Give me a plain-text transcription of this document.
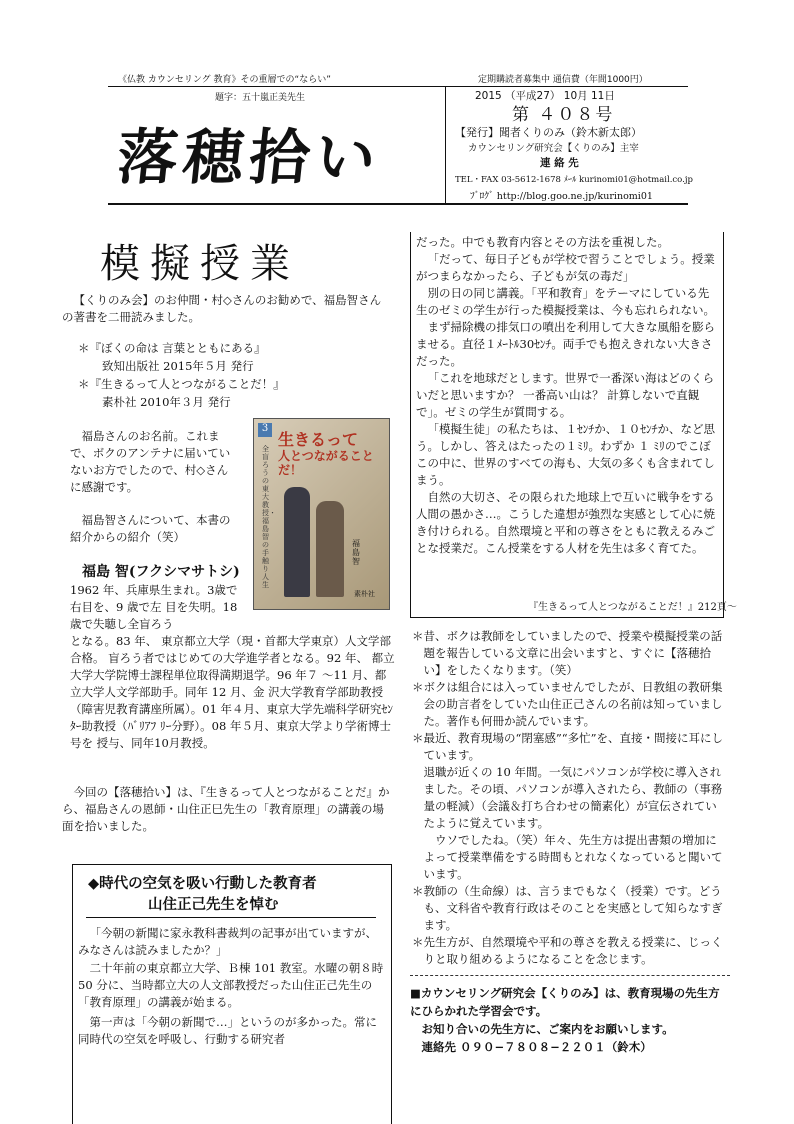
《仏教 カウンセリング 教育》その重層での“ならい”	定期購読者募集中 通信費（年間1000円）
題字：五十嵐正美先生
落穂拾い
2015 （平成27） 10月 11日
第 ４０８号
【発行】聞者くりのみ（鈴木新太郎）
カウンセリング研究会【くりのみ】主宰
連 絡 先
TEL・FAX 03-5612-1678 ﾒｰﾙ kurinomi01@hotmail.co.jp
ﾌﾞﾛｸﾞ http://blog.goo.ne.jp/kurinomi01
模擬授業

【くりのみ会】のお仲間・村◇さんのお勧めで、福島智さんの著書を二冊読みました。

＊『ぼくの命は 言葉とともにある』
致知出版社 2015年５月 発行
＊『生きるって人とつながることだ！』
素朴社 2010年３月 発行

福島さんのお名前。これまで、ボクのアンテナに届いていないお方でしたので、村◇さんに感謝です。

福島智さんについて、本書の紹介からの紹介（笑）

福島 智(フクシマサトシ)

1962 年、兵庫県生まれ。3歳で右目を、9 歳で左 目を失明。18 歳で失聴し全盲ろう

となる。83 年、 東京都立大学（現・首都大学東京）人文学部合格。 盲ろう者ではじめての大学進学者となる。92 年、 都立大学大学院博士課程単位取得満期退学。96 年７ ～11 月、都立大学人文学部助手。同年 12 月、金 沢大学教育学部助教授（障害児教育講座所属）。01 年４月、東京大学先端科学研究ｾﾝﾀｰ助教授（ﾊﾞﾘｱﾌ ﾘｰ分野）。08 年５月、東京大学より学術博士号を 授与、同年10月教授。

3
全盲ろうの東大教授・福島智の手触り人生
生きるって
人とつながることだ！
福島 智
素朴社

今回の【落穂拾い】は、『生きるって人とつながることだ』から、福島さんの恩師・山住正巳先生の「教育原理」の講義の場面を拾いました。

◆時代の空気を吸い行動した教育者
山住正己先生を悼む

「今朝の新聞に家永教科書裁判の記事が出ていますが、みなさんは読みましたか？」

二十年前の東京都立大学、Ｂ棟 101 教室。水曜の朝８時 50 分に、当時都立大の人文部教授だった山住正己先生の「教育原理」の講義が始まる。

第一声は「今朝の新聞で…」というのが多かった。常に同時代の空気を呼吸し、行動する研究者

だった。中でも教育内容とその方法を重視した。

「だって、毎日子どもが学校で習うことでしょう。授業がつまらなかったら、子どもが気の毒だ」

別の日の同じ講義。「平和教育」をテーマにしている先生のゼミの学生が行った模擬授業は、今も忘れられない。

まず掃除機の排気口の噴出を利用して大きな風船を膨らませる。直径１ﾒｰﾄﾙ30ｾﾝﾁ。両手でも抱えきれない大きさだった。

「これを地球だとします。世界で一番深い海はどのくらいだと思いますか？ 一番高い山は？ 計算しないで直観で」。ゼミの学生が質問する。

「模擬生徒」の私たちは、１ｾﾝﾁか、１０ｾﾝﾁか、など思う。しかし、答えはたったの１ﾐﾘ。わずか １ ﾐﾘのでこぼこの中に、世界のすべての海も、大気の多くも含まれてしまう。

自然の大切さ、その限られた地球上で互いに戦争をする人間の愚かさ…。こうした違想が強烈な実感として心に焼き付けられる。自然環境と平和の尊さをともに教えるみごとな授業だ。こん授業をする人材を先生は多く育てた。

『生きるって人とつながることだ！』212頁～

＊昔、ボクは教師をしていましたので、授業や模擬授業の話題を報告している文章に出会いますと、すぐに【落穂拾い】をしたくなります。（笑）

＊ボクは組合には入っていませんでしたが、日教組の教研集会の助言者をしていた山住正己さんの名前は知っていました。著作も何冊か読んでいます。

＊最近、教育現場の“閉塞感”“多忙”を、直接・間接に耳にしています。

退職が近くの 10 年間。一気にパソコンが学校に導入されました。その頃、パソコンが導入されたら、教師の（事務量の軽減）（会議＆打ち合わせの簡素化）が宣伝されていたように覚えています。

ウソでしたね。（笑）年々、先生方は提出書類の増加によって授業準備をする時間もとれなくなっていると聞いています。

＊教師の（生命線）は、言うまでもなく（授業）です。どうも、文科省や教育行政はそのことを実感として知らなすぎます。

＊先生方が、自然環境や平和の尊さを教える授業に、じっくりと取り組めるようになることを念じます。

■カウンセリング研究会【くりのみ】は、教育現場の先生方にひらかれた学習会です。

お知り合いの先生方に、ご案内をお願いします。

連絡先 ０９０−７８０８−２２０１（鈴木）
